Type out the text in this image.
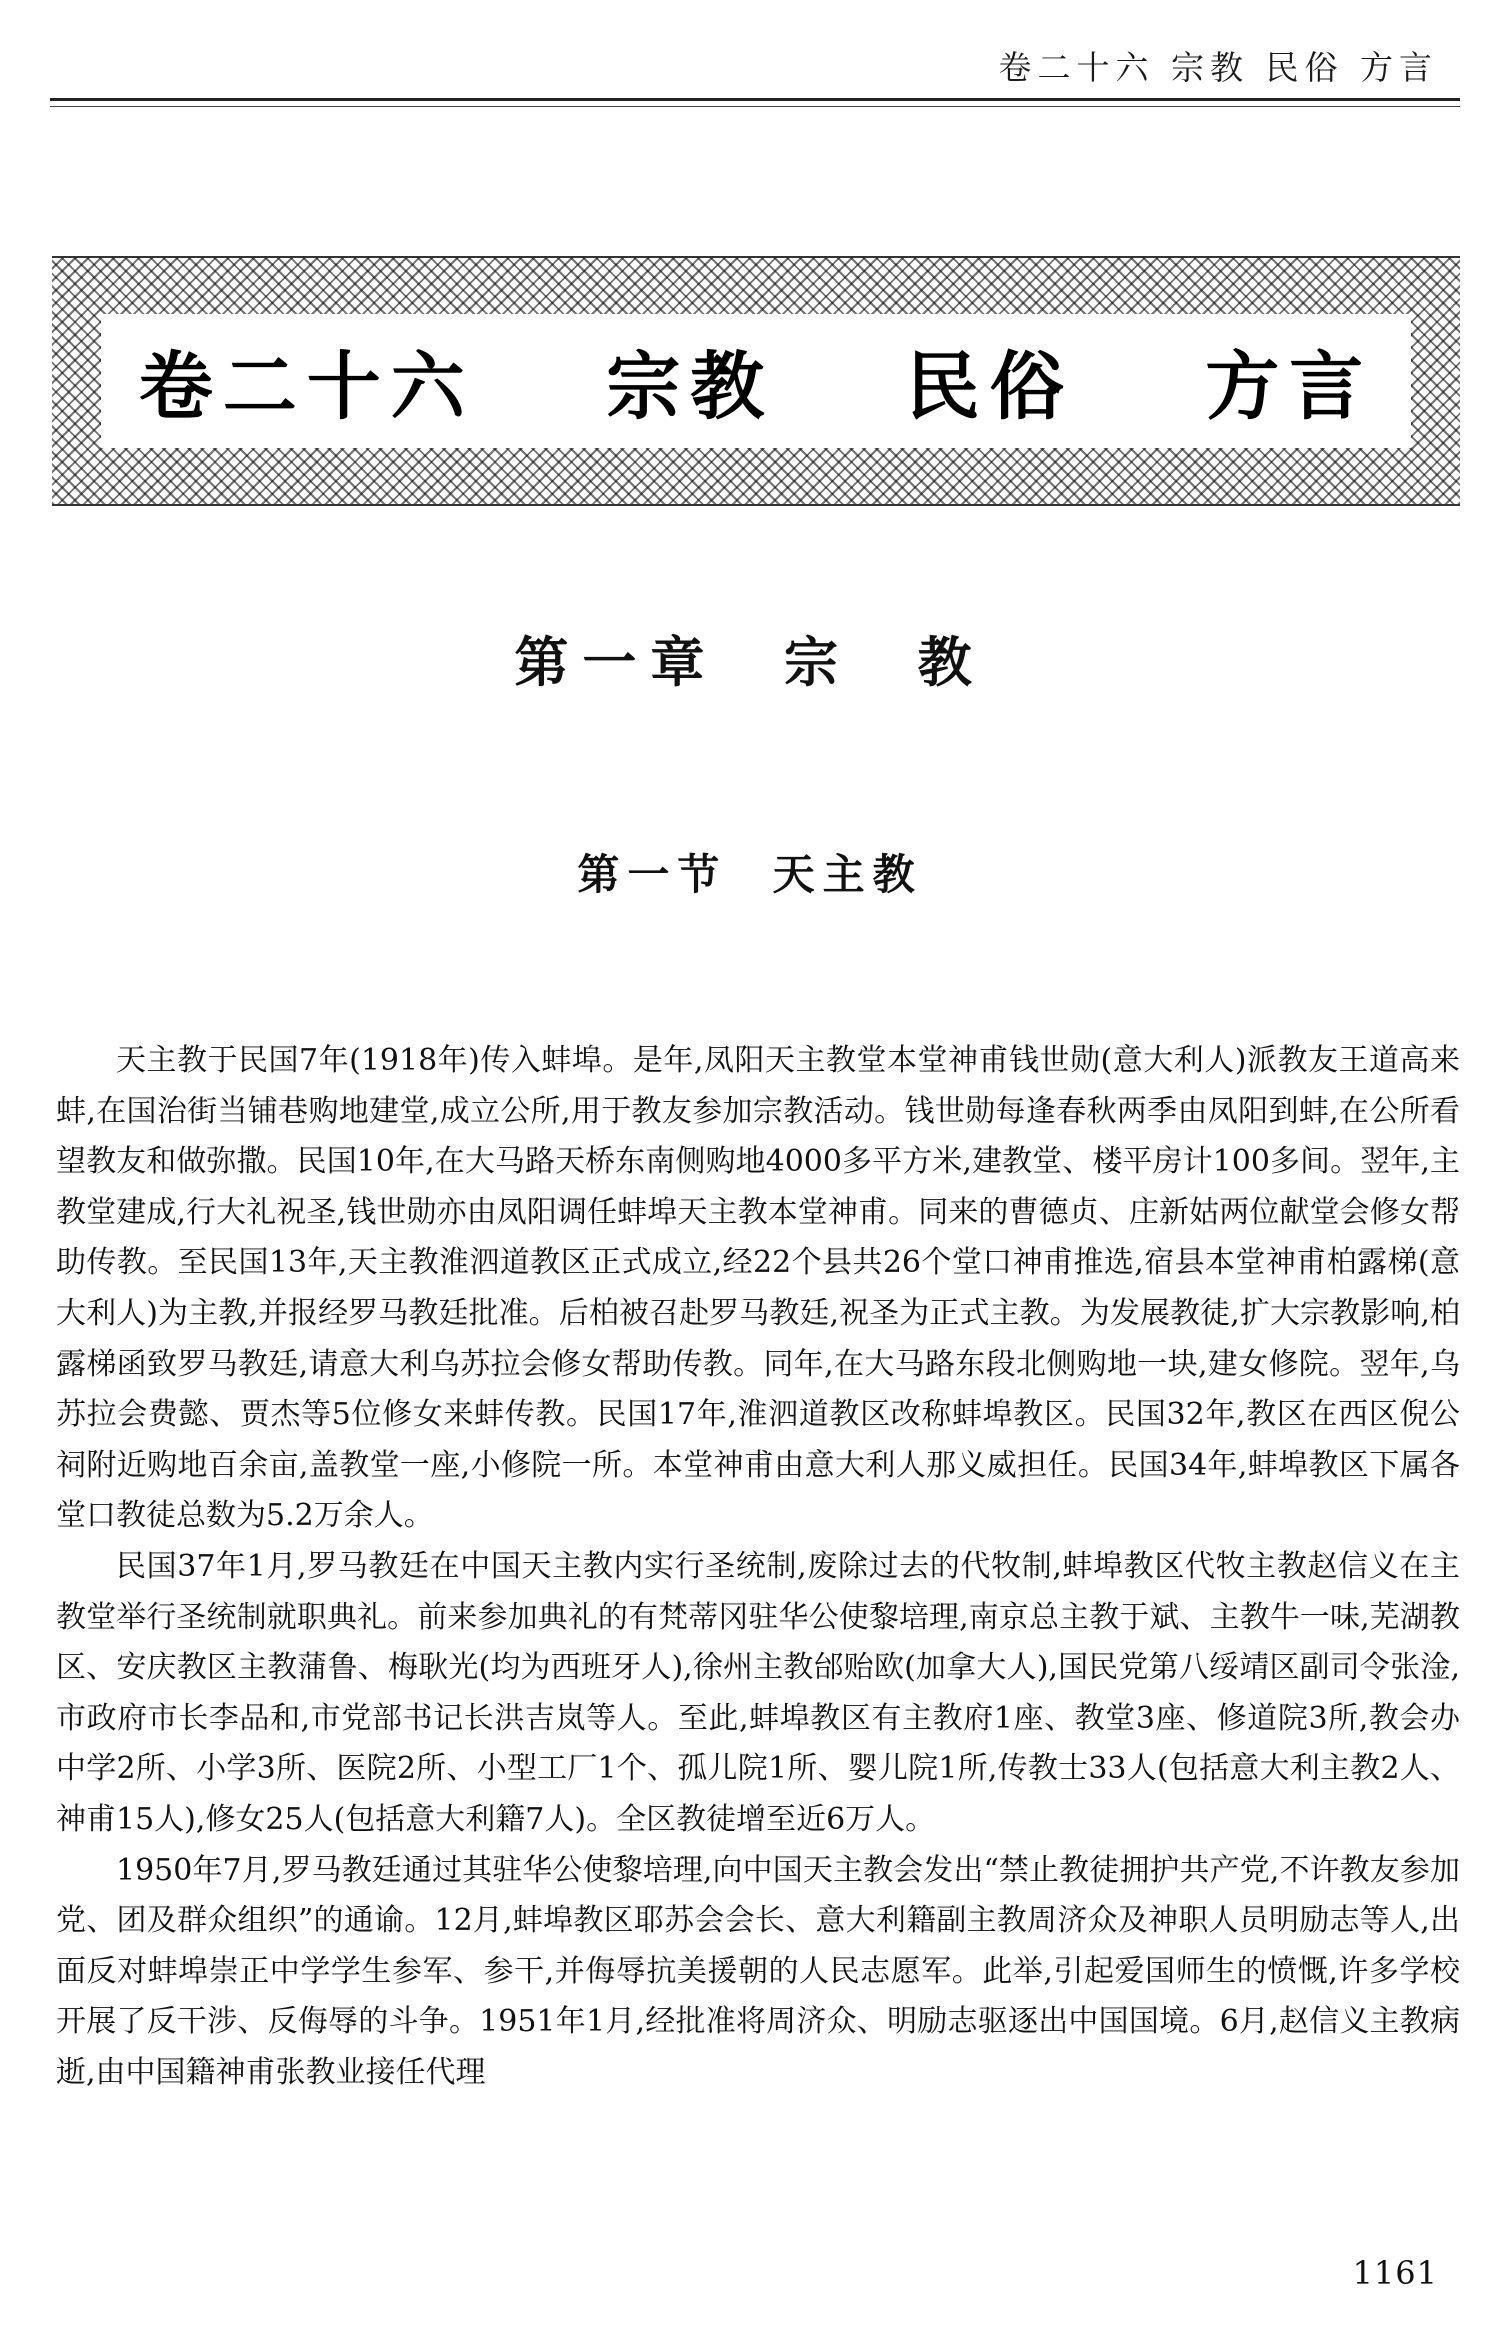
卷二十六 宗教 民俗 方言
卷二十六  宗教  民俗  方言
第一章  宗  教
第一节  天主教

天主教于民国7年(1918年)传入蚌埠。是年,凤阳天主教堂本堂神甫钱世勋(意大利人)派教友王道高来蚌,在国治街当铺巷购地建堂,成立公所,用于教友参加宗教活动。钱世勋每逢春秋两季由凤阳到蚌,在公所看望教友和做弥撒。民国10年,在大马路天桥东南侧购地4000多平方米,建教堂、楼平房计100多间。翌年,主教堂建成,行大礼祝圣,钱世勋亦由凤阳调任蚌埠天主教本堂神甫。同来的曹德贞、庄新姑两位献堂会修女帮助传教。至民国13年,天主教淮泗道教区正式成立,经22个县共26个堂口神甫推选,宿县本堂神甫柏露梯(意大利人)为主教,并报经罗马教廷批准。后柏被召赴罗马教廷,祝圣为正式主教。为发展教徒,扩大宗教影响,柏露梯函致罗马教廷,请意大利乌苏拉会修女帮助传教。同年,在大马路东段北侧购地一块,建女修院。翌年,乌苏拉会费懿、贾杰等5位修女来蚌传教。民国17年,淮泗道教区改称蚌埠教区。民国32年,教区在西区倪公祠附近购地百余亩,盖教堂一座,小修院一所。本堂神甫由意大利人那义威担任。民国34年,蚌埠教区下属各堂口教徒总数为5.2万余人。

民国37年1月,罗马教廷在中国天主教内实行圣统制,废除过去的代牧制,蚌埠教区代牧主教赵信义在主教堂举行圣统制就职典礼。前来参加典礼的有梵蒂冈驻华公使黎培理,南京总主教于斌、主教牛一味,芜湖教区、安庆教区主教蒲鲁、梅耿光(均为西班牙人),徐州主教邰贻欧(加拿大人),国民党第八绥靖区副司令张淦,市政府市长李品和,市党部书记长洪吉岚等人。至此,蚌埠教区有主教府1座、教堂3座、修道院3所,教会办中学2所、小学3所、医院2所、小型工厂1个、孤儿院1所、婴儿院1所,传教士33人(包括意大利主教2人、神甫15人),修女25人(包括意大利籍7人)。全区教徒增至近6万人。

1950年7月,罗马教廷通过其驻华公使黎培理,向中国天主教会发出“禁止教徒拥护共产党,不许教友参加党、团及群众组织”的通谕。12月,蚌埠教区耶苏会会长、意大利籍副主教周济众及神职人员明励志等人,出面反对蚌埠崇正中学学生参军、参干,并侮辱抗美援朝的人民志愿军。此举,引起爱国师生的愤慨,许多学校开展了反干涉、反侮辱的斗争。1951年1月,经批准将周济众、明励志驱逐出中国国境。6月,赵信义主教病逝,由中国籍神甫张教业接任代理

1161
